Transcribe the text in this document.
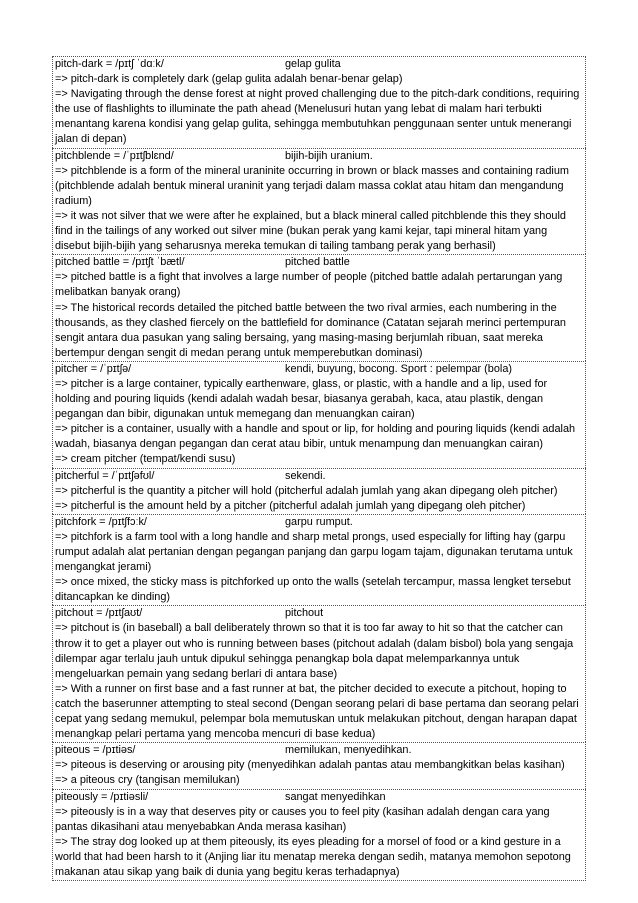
pitch-dark = /pɪtʃ ˈdɑːk/	gelap gulita
=> pitch-dark is completely dark (gelap gulita adalah benar-benar gelap)
=> Navigating through the dense forest at night proved challenging due to the pitch-dark conditions, requiring the use of flashlights to illuminate the path ahead (Menelusuri hutan yang lebat di malam hari terbukti menantang karena kondisi yang gelap gulita, sehingga membutuhkan penggunaan senter untuk menerangi jalan di depan)
pitchblende = /ˈpɪtʃblɛnd/	bijih-bijih uranium.
=> pitchblende is a form of the mineral uraninite occurring in brown or black masses and containing radium (pitchblende adalah bentuk mineral uraninit yang terjadi dalam massa coklat atau hitam dan mengandung radium)
=> it was not silver that we were after he explained, but a black mineral called pitchblende this they should find in the tailings of any worked out silver mine (bukan perak yang kami kejar, tapi mineral hitam yang disebut bijih-bijih yang seharusnya mereka temukan di tailing tambang perak yang berhasil)
pitched battle = /pɪtʃt ˈbætl/	pitched battle
=> pitched battle is a fight that involves a large number of people (pitched battle adalah pertarungan yang melibatkan banyak orang)
=> The historical records detailed the pitched battle between the two rival armies, each numbering in the thousands, as they clashed fiercely on the battlefield for dominance (Catatan sejarah merinci pertempuran sengit antara dua pasukan yang saling bersaing, yang masing-masing berjumlah ribuan, saat mereka bertempur dengan sengit di medan perang untuk memperebutkan dominasi)
pitcher = /ˈpɪtʃə/	kendi, buyung, bocong. Sport : pelempar (bola)
=> pitcher is a large container, typically earthenware, glass, or plastic, with a handle and a lip, used for holding and pouring liquids (kendi adalah wadah besar, biasanya gerabah, kaca, atau plastik, dengan pegangan dan bibir, digunakan untuk memegang dan menuangkan cairan)
=> pitcher is a container, usually with a handle and spout or lip, for holding and pouring liquids (kendi adalah wadah, biasanya dengan pegangan dan cerat atau bibir, untuk menampung dan menuangkan cairan)
=> cream pitcher (tempat/kendi susu)
pitcherful = /ˈpɪtʃəfʊl/	sekendi.
=> pitcherful is the quantity a pitcher will hold (pitcherful adalah jumlah yang akan dipegang oleh pitcher)
=> pitcherful is the amount held by a pitcher (pitcherful adalah jumlah yang dipegang oleh pitcher)
pitchfork = /pɪtʃfɔːk/	garpu rumput.
=> pitchfork is a farm tool with a long handle and sharp metal prongs, used especially for lifting hay (garpu rumput adalah alat pertanian dengan pegangan panjang dan garpu logam tajam, digunakan terutama untuk mengangkat jerami)
=> once mixed, the sticky mass is pitchforked up onto the walls (setelah tercampur, massa lengket tersebut ditancapkan ke dinding)
pitchout = /pɪtʃaʊt/	pitchout
=> pitchout is (in baseball) a ball deliberately thrown so that it is too far away to hit so that the catcher can throw it to get a player out who is running between bases (pitchout adalah (dalam bisbol) bola yang sengaja dilempar agar terlalu jauh untuk dipukul sehingga penangkap bola dapat melemparkannya untuk mengeluarkan pemain yang sedang berlari di antara base)
=> With a runner on first base and a fast runner at bat, the pitcher decided to execute a pitchout, hoping to catch the baserunner attempting to steal second (Dengan seorang pelari di base pertama dan seorang pelari cepat yang sedang memukul, pelempar bola memutuskan untuk melakukan pitchout, dengan harapan dapat menangkap pelari pertama yang mencoba mencuri di base kedua)
piteous = /pɪtiəs/	memilukan, menyedihkan.
=> piteous is deserving or arousing pity (menyedihkan adalah pantas atau membangkitkan belas kasihan)
=> a piteous cry (tangisan memilukan)
piteously = /pɪtiəsli/	sangat menyedihkan
=> piteously is in a way that deserves pity or causes you to feel pity (kasihan adalah dengan cara yang pantas dikasihani atau menyebabkan Anda merasa kasihan)
=> The stray dog looked up at them piteously, its eyes pleading for a morsel of food or a kind gesture in a world that had been harsh to it (Anjing liar itu menatap mereka dengan sedih, matanya memohon sepotong makanan atau sikap yang baik di dunia yang begitu keras terhadapnya)
